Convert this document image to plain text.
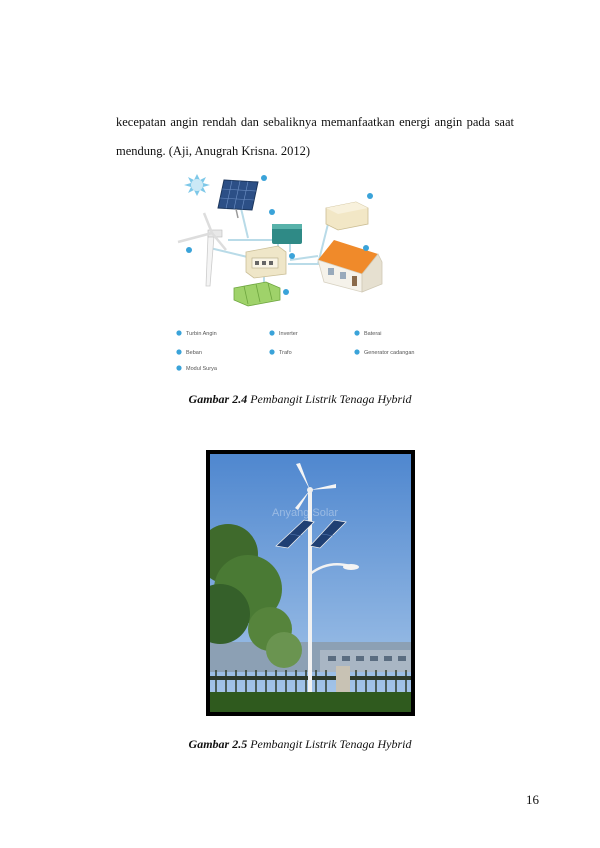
kecepatan angin rendah dan sebaliknya memanfaatkan energi angin pada saat
mendung. (Aji, Anugrah Krisna. 2012)
Turbin Angin	Inverter	Baterai
Beban	Trafo	Generator cadangan
Modul Surya
Gambar 2.4 Pembangit Listrik Tenaga Hybrid
Anyang Solar
Gambar 2.5 Pembangit Listrik Tenaga Hybrid
16
